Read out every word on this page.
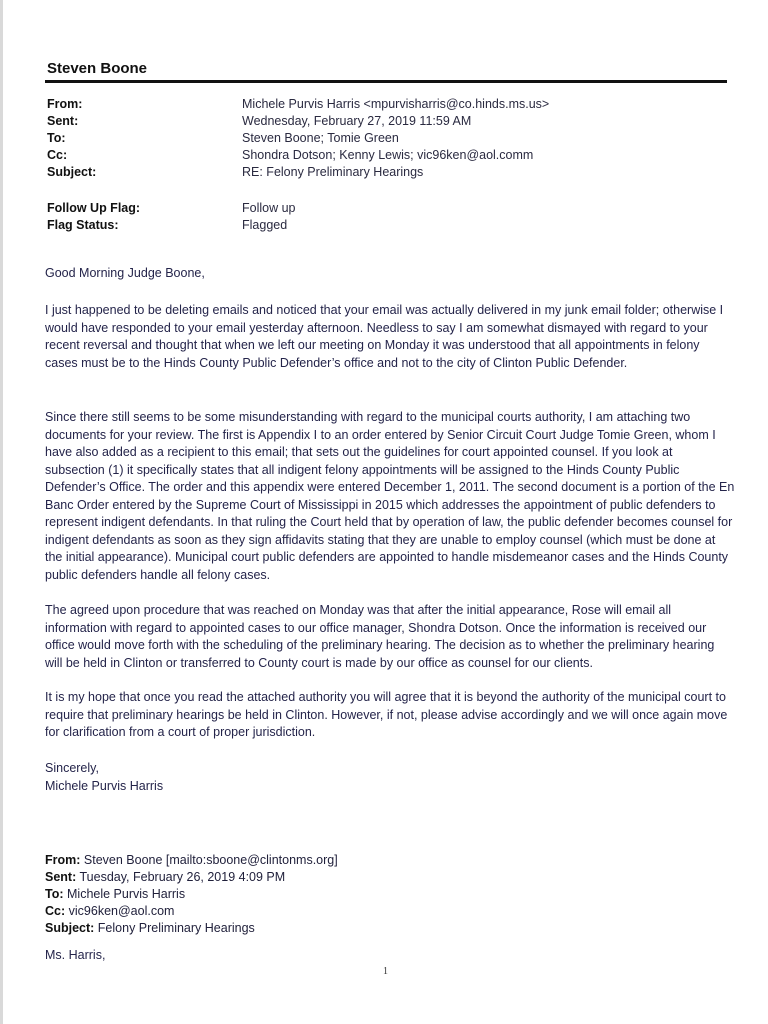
Steven Boone
From:	Michele Purvis Harris <mpurvisharris@co.hinds.ms.us>
Sent:	Wednesday, February 27, 2019 11:59 AM
To:	Steven Boone; Tomie Green
Cc:	Shondra Dotson; Kenny Lewis; vic96ken@aol.comm
Subject:	RE: Felony Preliminary Hearings
Follow Up Flag:	Follow up
Flag Status:	Flagged

Good Morning Judge Boone,

I just happened to be deleting emails and noticed that your email was actually delivered in my junk email folder; otherwise I would have responded to your email yesterday afternoon. Needless to say I am somewhat dismayed with regard to your recent reversal and thought that when we left our meeting on Monday it was understood that all appointments in felony cases must be to the Hinds County Public Defender’s office and not to the city of Clinton Public Defender.

Since there still seems to be some misunderstanding with regard to the municipal courts authority, I am attaching two documents for your review. The first is Appendix I to an order entered by Senior Circuit Court Judge Tomie Green, whom I have also added as a recipient to this email; that sets out the guidelines for court appointed counsel. If you look at subsection (1) it specifically states that all indigent felony appointments will be assigned to the Hinds County Public Defender’s Office. The order and this appendix were entered December 1, 2011. The second document is a portion of the En Banc Order entered by the Supreme Court of Mississippi in 2015 which addresses the appointment of public defenders to represent indigent defendants. In that ruling the Court held that by operation of law, the public defender becomes counsel for indigent defendants as soon as they sign affidavits stating that they are unable to employ counsel (which must be done at the initial appearance). Municipal court public defenders are appointed to handle misdemeanor cases and the Hinds County public defenders handle all felony cases.

The agreed upon procedure that was reached on Monday was that after the initial appearance, Rose will email all information with regard to appointed cases to our office manager, Shondra Dotson. Once the information is received our office would move forth with the scheduling of the preliminary hearing. The decision as to whether the preliminary hearing will be held in Clinton or transferred to County court is made by our office as counsel for our clients.

It is my hope that once you read the attached authority you will agree that it is beyond the authority of the municipal court to require that preliminary hearings be held in Clinton. However, if not, please advise accordingly and we will once again move for clarification from a court of proper jurisdiction.

Sincerely,

Michele Purvis Harris

From: Steven Boone [mailto:sboone@clintonms.org]
Sent: Tuesday, February 26, 2019 4:09 PM
To: Michele Purvis Harris
Cc: vic96ken@aol.com
Subject: Felony Preliminary Hearings

Ms. Harris,

1
